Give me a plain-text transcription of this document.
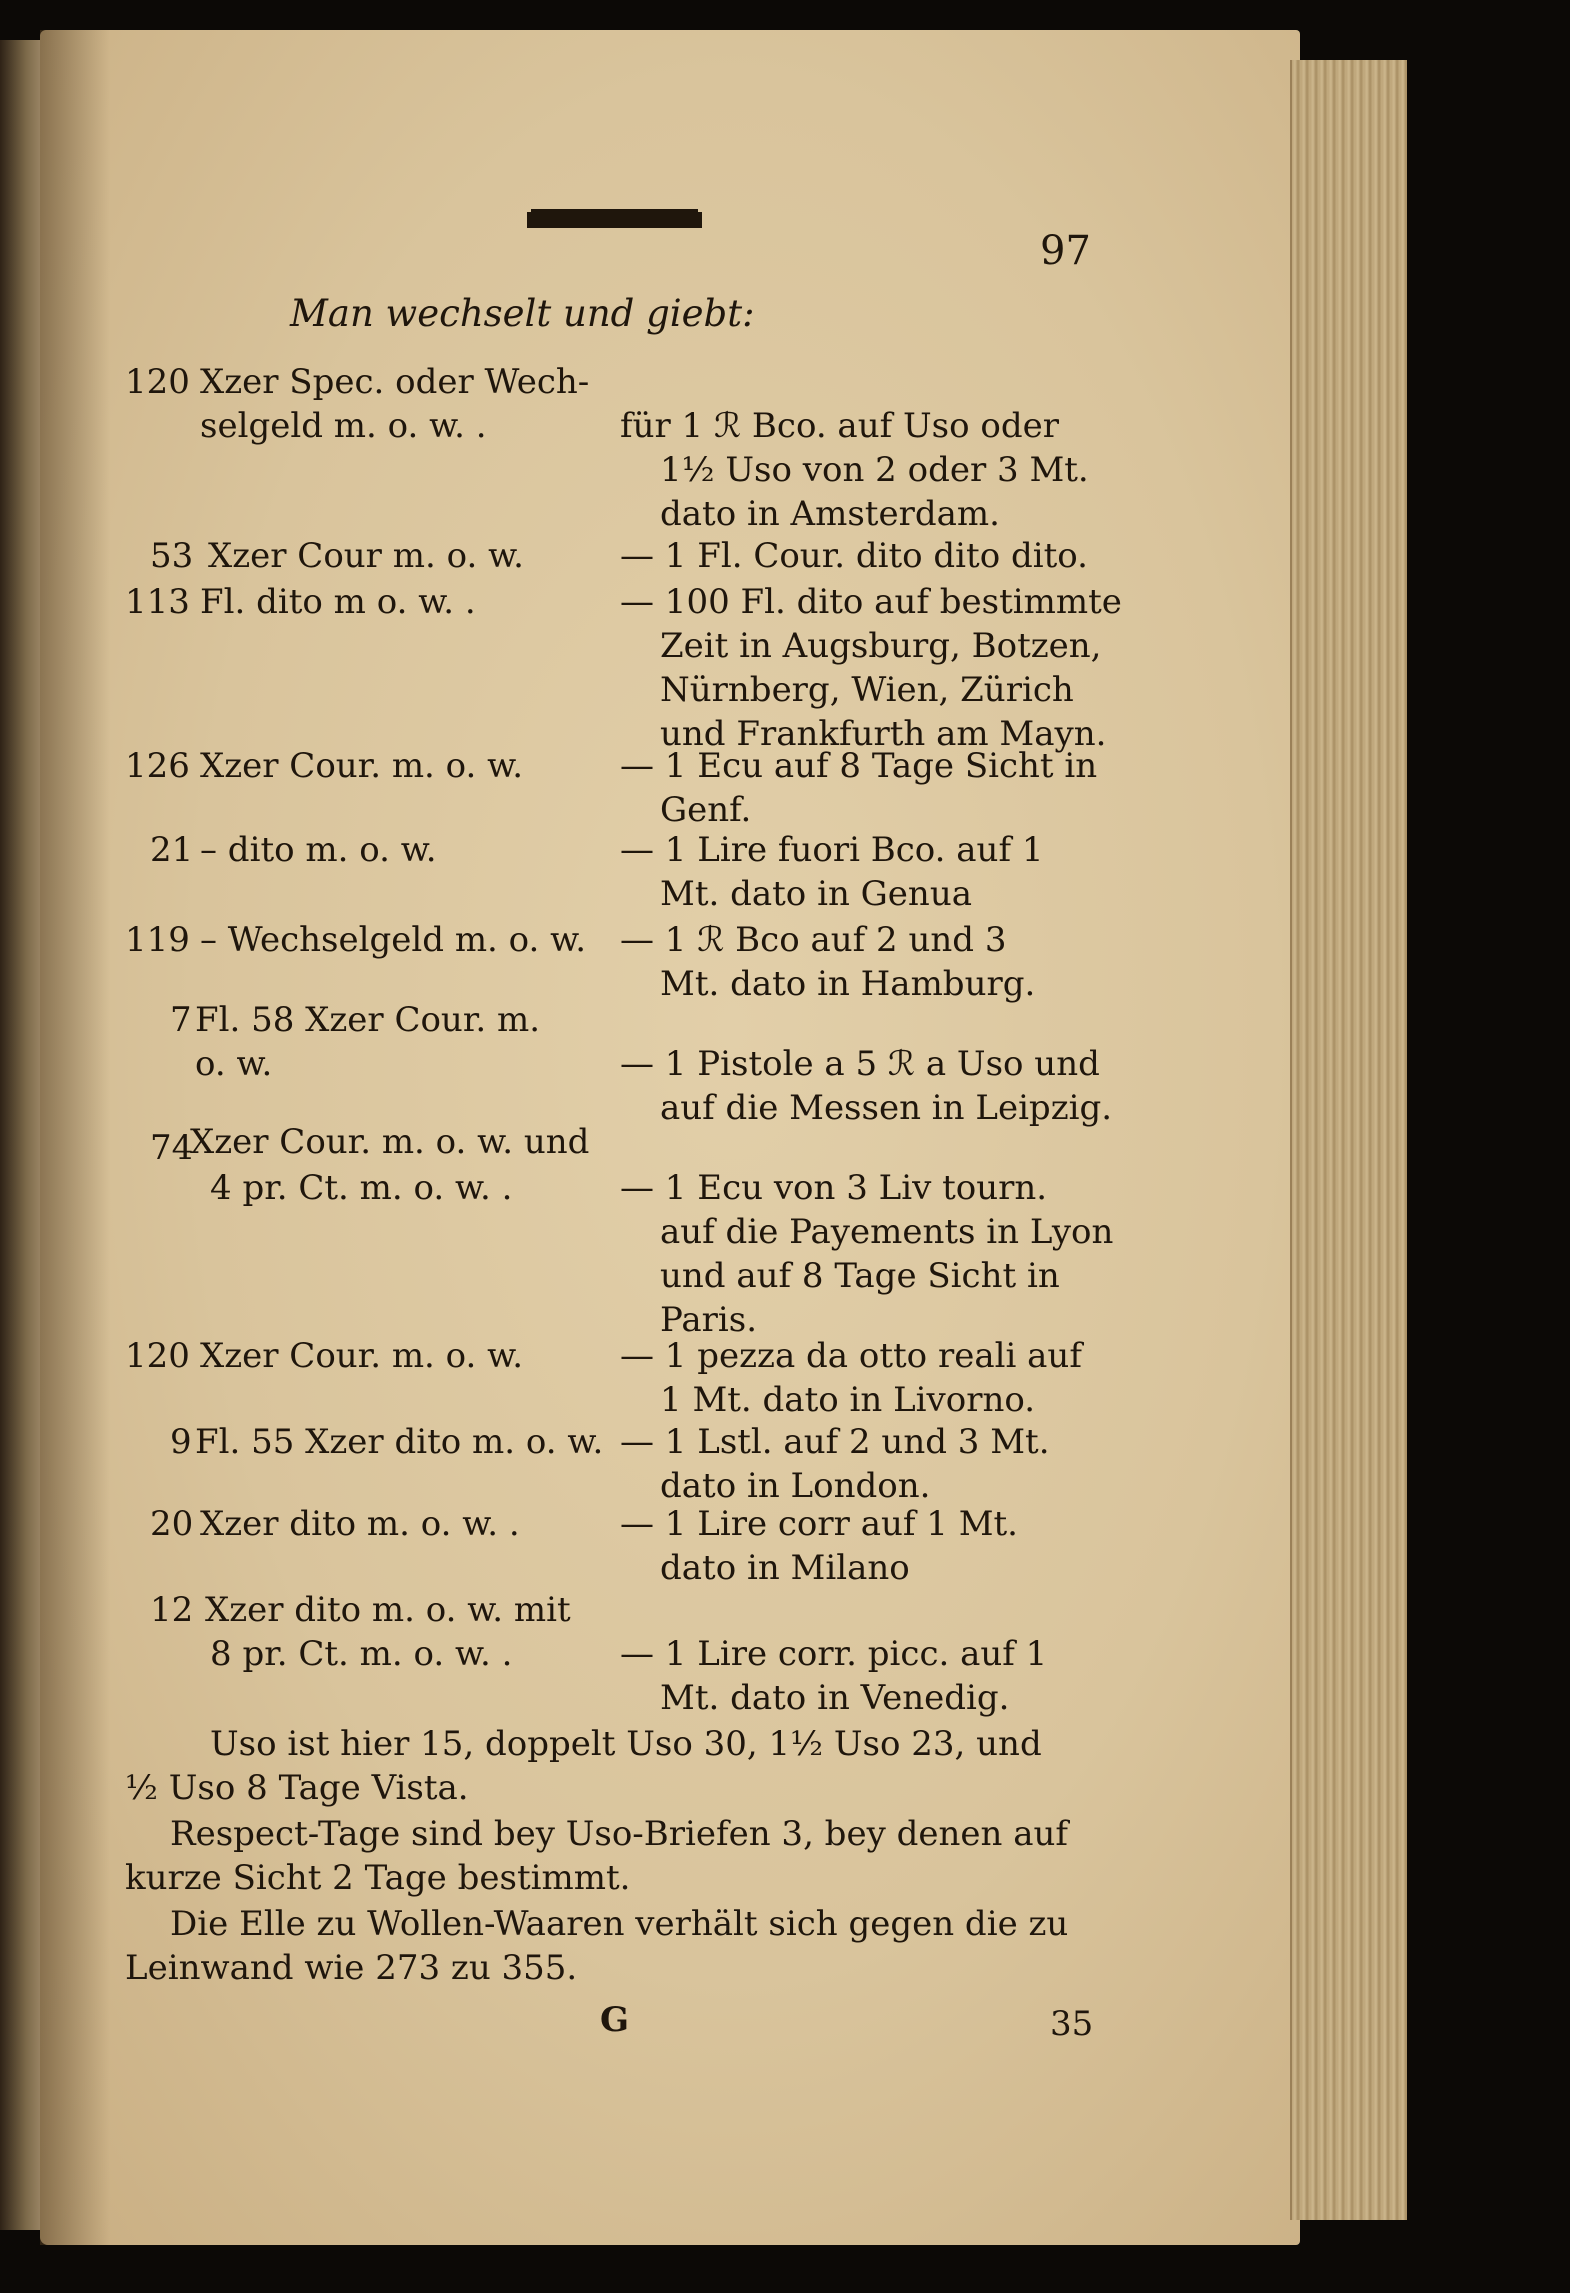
97
Man wechselt und giebt:
120 Xzer Spec. oder Wech-
selgeld m. o. w. .	für 1 ℛ Bco. auf Uso oder
1½ Uso von 2 oder 3 Mt.
dato in Amsterdam.
53 Xzer Cour m. o. w.	— 1 Fl. Cour. dito dito dito.
113 Fl. dito m o. w. .	— 100 Fl. dito auf bestimmte
Zeit in Augsburg, Botzen,
Nürnberg, Wien, Zürich
und Frankfurth am Mayn.
126 Xzer Cour. m. o. w.	— 1 Ecu auf 8 Tage Sicht in
Genf.
21 – dito m. o. w.	— 1 Lire fuori Bco. auf 1
Mt. dato in Genua
119 – Wechselgeld m. o. w. — 1 ℛ Bco auf 2 und 3
Mt. dato in Hamburg.
7 Fl. 58 Xzer Cour. m.
o. w.	— 1 Pistole a 5 ℛ a Uso und
auf die Messen in Leipzig.
74
Xzer Cour. m. o. w. und
4 pr. Ct. m. o. w. .	— 1 Ecu von 3 Liv tourn.
auf die Payements in Lyon
und auf 8 Tage Sicht in
Paris.
120 Xzer Cour. m. o. w.	— 1 pezza da otto reali auf
1 Mt. dato in Livorno.
9 Fl. 55 Xzer dito m. o. w. — 1 Lstl. auf 2 und 3 Mt.
dato in London.
20 Xzer dito m. o. w. .	— 1 Lire corr auf 1 Mt.
dato in Milano
12 Xzer dito m. o. w. mit
8 pr. Ct. m. o. w. .	— 1 Lire corr. picc. auf 1
Mt. dato in Venedig.
Uso ist hier 15, doppelt Uso 30, 1½ Uso 23, und
½ Uso 8 Tage Vista.
Respect-Tage sind bey Uso-Briefen 3, bey denen auf
kurze Sicht 2 Tage bestimmt.
Die Elle zu Wollen-Waaren verhält sich gegen die zu
Leinwand wie 273 zu 355.
G	35
